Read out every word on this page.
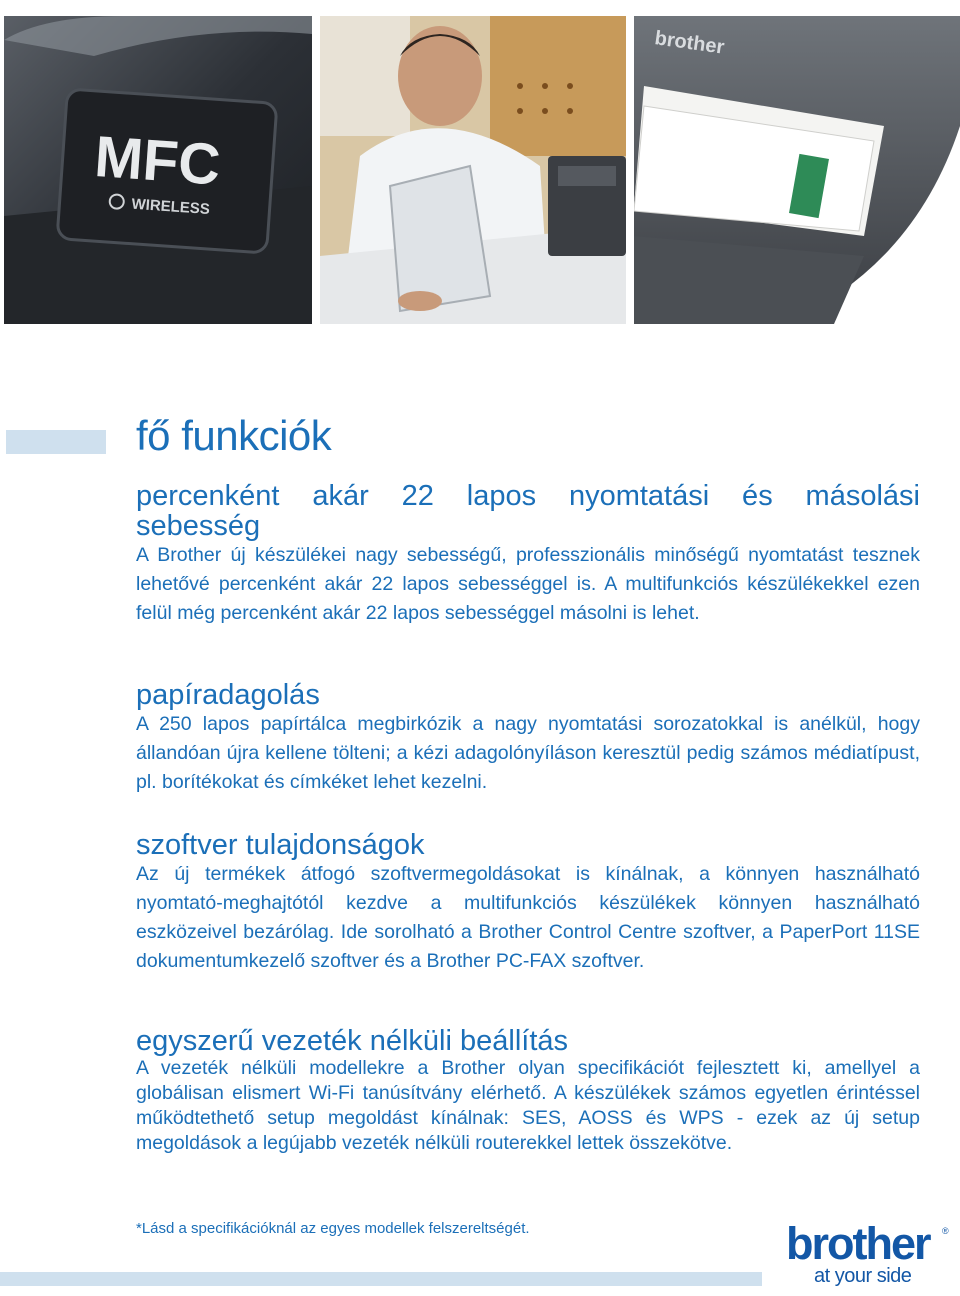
MFC
WIRELESS
brother
fő funkciók
percenként akár 22 lapos nyomtatási és másolási
sebesség

A Brother új készülékei nagy sebességű, professzionális minőségű nyomtatást tesznek lehetővé percenként akár 22 lapos sebességgel is. A multifunkciós készülékekkel ezen felül még percenként akár 22 lapos sebességgel másolni is lehet.

papíradagolás

A 250 lapos papírtálca megbirkózik a nagy nyomtatási sorozatokkal is anélkül, hogy állandóan újra kellene tölteni; a kézi adagolónyíláson keresztül pedig számos médiatípust, pl. borítékokat és címkéket lehet kezelni.

szoftver tulajdonságok

Az új termékek átfogó szoftvermegoldásokat is kínálnak, a könnyen használható nyomtató-meghajtótól kezdve a multifunkciós készülékek könnyen használható eszközeivel bezárólag. Ide sorolható a Brother Control Centre szoftver, a PaperPort 11SE dokumentumkezelő szoftver és a Brother PC-FAX szoftver.

egyszerű vezeték nélküli beállítás

A vezeték nélküli modellekre a Brother olyan specifikációt fejlesztett ki, amellyel a globálisan elismert Wi-Fi tanúsítvány elérhető. A készülékek számos egyetlen érintéssel működtethető setup megoldást kínálnak: SES, AOSS és WPS - ezek az új setup megoldások a legújabb vezeték nélküli routerekkel lettek összekötve.

*Lásd a specifikációknál az egyes modellek felszereltségét.	brother ®
at your side
